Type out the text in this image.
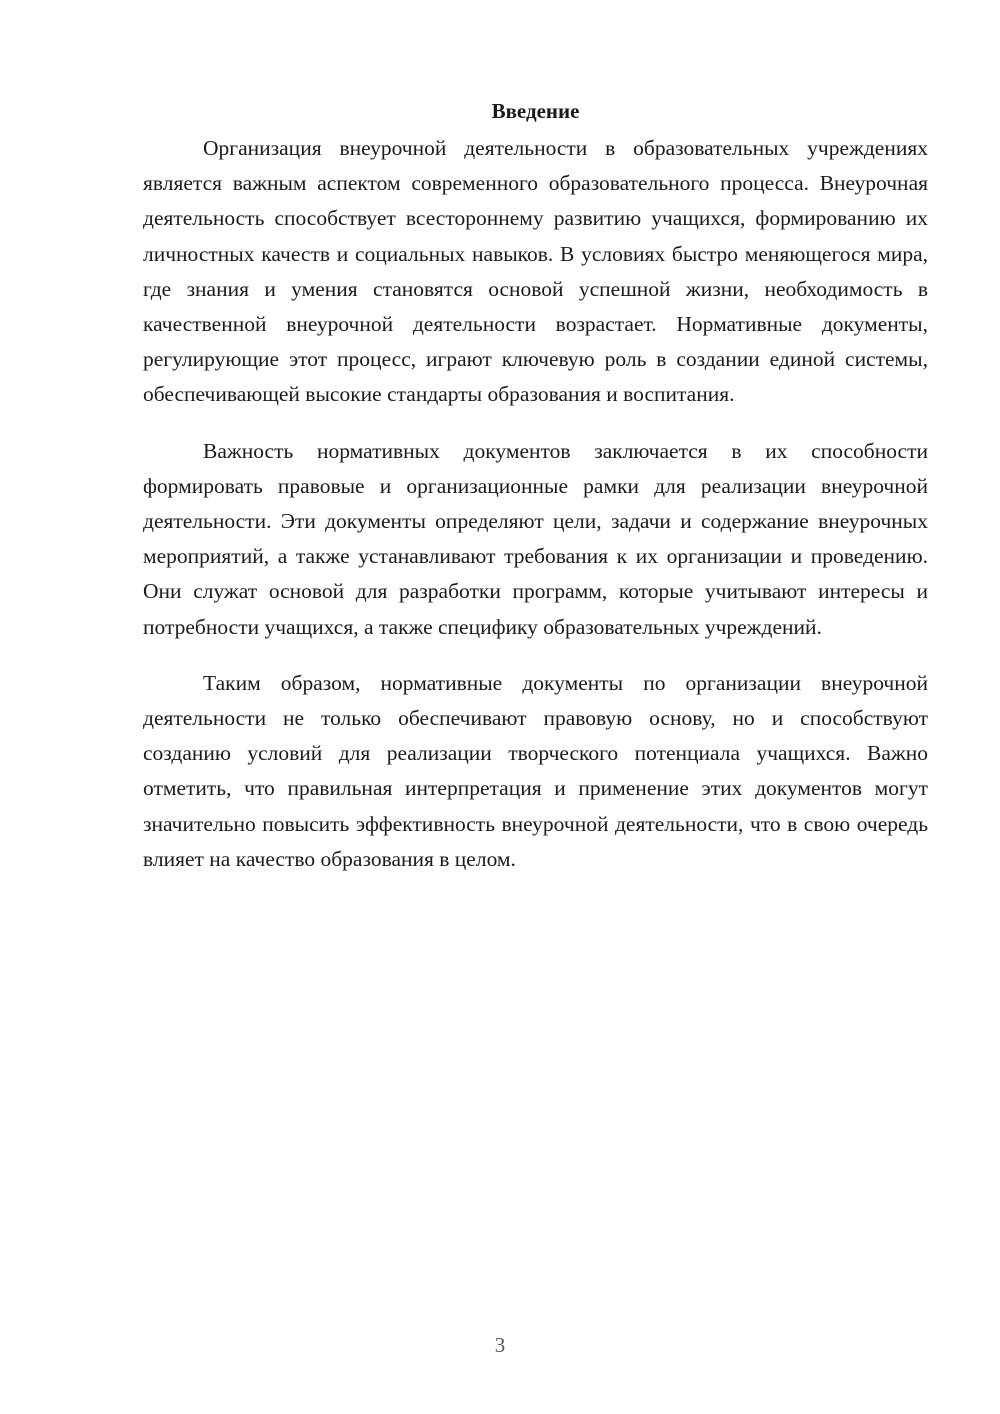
Введение

Организация внеурочной деятельности в образовательных учреждениях является важным аспектом современного образовательного процесса. Внеурочная деятельность способствует всестороннему развитию учащихся, формированию их личностных качеств и социальных навыков. В условиях быстро меняющегося мира, где знания и умения становятся основой успешной жизни, необходимость в качественной внеурочной деятельности возрастает. Нормативные документы, регулирующие этот процесс, играют ключевую роль в создании единой системы, обеспечивающей высокие стандарты образования и воспитания.

Важность нормативных документов заключается в их способности формировать правовые и организационные рамки для реализации внеурочной деятельности. Эти документы определяют цели, задачи и содержание внеурочных мероприятий, а также устанавливают требования к их организации и проведению. Они служат основой для разработки программ, которые учитывают интересы и потребности учащихся, а также специфику образовательных учреждений.

Таким образом, нормативные документы по организации внеурочной деятельности не только обеспечивают правовую основу, но и способствуют созданию условий для реализации творческого потенциала учащихся. Важно отметить, что правильная интерпретация и применение этих документов могут значительно повысить эффективность внеурочной деятельности, что в свою очередь влияет на качество образования в целом.

3
